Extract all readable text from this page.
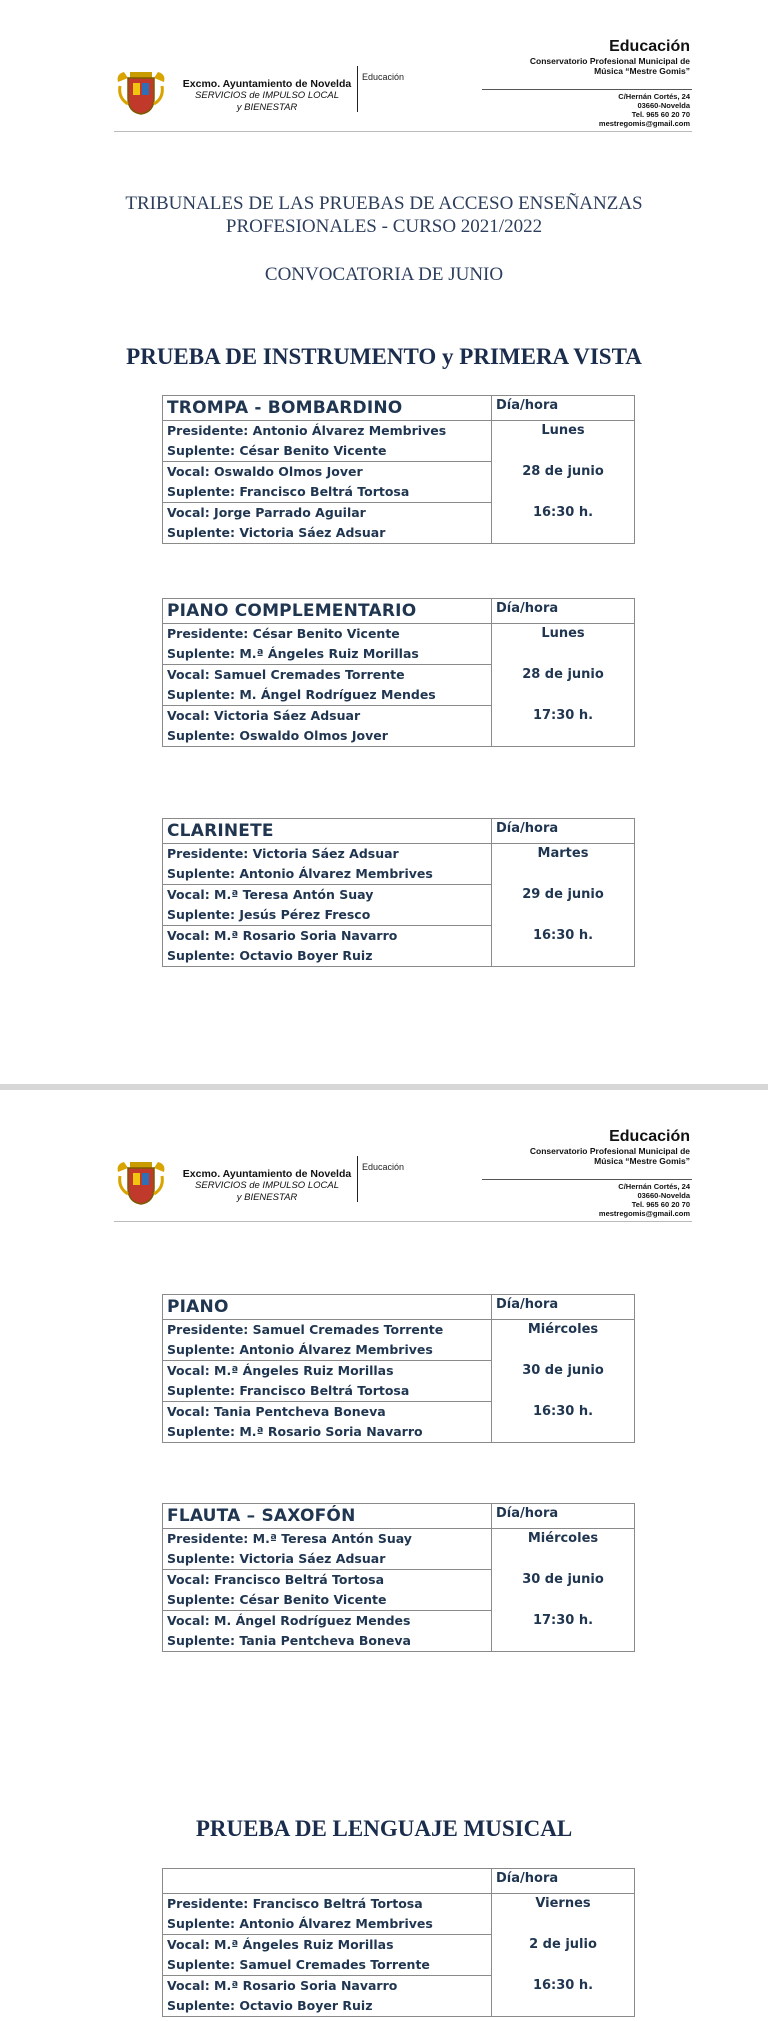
Excmo. Ayuntamiento de Novelda
SERVICIOS de IMPULSO LOCAL
y BIENESTAR
Educación
Educación
Conservatorio Profesional Municipal de
Música “Mestre Gomis”
C/Hernán Cortés, 24
03660-Novelda
Tel. 965 60 20 70
mestregomis@gmail.com

TRIBUNALES DE LAS PRUEBAS DE ACCESO ENSEÑANZAS

PROFESIONALES - CURSO 2021/2022

CONVOCATORIA DE JUNIO

PRUEBA DE INSTRUMENTO y PRIMERA VISTA

TROMPA - BOMBARDINO	Día/hora

Presidente: Antonio Álvarez Membrives
Suplente: César Benito Vicente	Lunes

Vocal: Oswaldo Olmos Jover
Suplente: Francisco Beltrá Tortosa	28 de junio

Vocal: Jorge Parrado Aguilar
Suplente: Victoria Sáez Adsuar	16:30 h.
PIANO COMPLEMENTARIO	Día/hora

Presidente: César Benito Vicente
Suplente: M.ª Ángeles Ruiz Morillas	Lunes

Vocal: Samuel Cremades Torrente
Suplente: M. Ángel Rodríguez Mendes	28 de junio

Vocal: Victoria Sáez Adsuar
Suplente: Oswaldo Olmos Jover	17:30 h.
CLARINETE	Día/hora

Presidente: Victoria Sáez Adsuar
Suplente: Antonio Álvarez Membrives	Martes

Vocal: M.ª Teresa Antón Suay
Suplente: Jesús Pérez Fresco	29 de junio

Vocal: M.ª Rosario Soria Navarro
Suplente: Octavio Boyer Ruiz	16:30 h.
Excmo. Ayuntamiento de Novelda
SERVICIOS de IMPULSO LOCAL
y BIENESTAR
Educación
Educación
Conservatorio Profesional Municipal de
Música “Mestre Gomis”
C/Hernán Cortés, 24
03660-Novelda
Tel. 965 60 20 70
mestregomis@gmail.com
PIANO	Día/hora

Presidente: Samuel Cremades Torrente
Suplente: Antonio Álvarez Membrives	Miércoles

Vocal: M.ª Ángeles Ruiz Morillas
Suplente: Francisco Beltrá Tortosa	30 de junio

Vocal: Tania Pentcheva Boneva
Suplente: M.ª Rosario Soria Navarro	16:30 h.
FLAUTA – SAXOFÓN	Día/hora

Presidente: M.ª Teresa Antón Suay
Suplente: Victoria Sáez Adsuar	Miércoles

Vocal: Francisco Beltrá Tortosa
Suplente: César Benito Vicente	30 de junio

Vocal: M. Ángel Rodríguez Mendes
Suplente: Tania Pentcheva Boneva	17:30 h.

PRUEBA DE LENGUAJE MUSICAL

	Día/hora

Presidente: Francisco Beltrá Tortosa
Suplente: Antonio Álvarez Membrives	Viernes

Vocal: M.ª Ángeles Ruiz Morillas
Suplente: Samuel Cremades Torrente	2 de julio

Vocal: M.ª Rosario Soria Navarro
Suplente: Octavio Boyer Ruiz	16:30 h.
